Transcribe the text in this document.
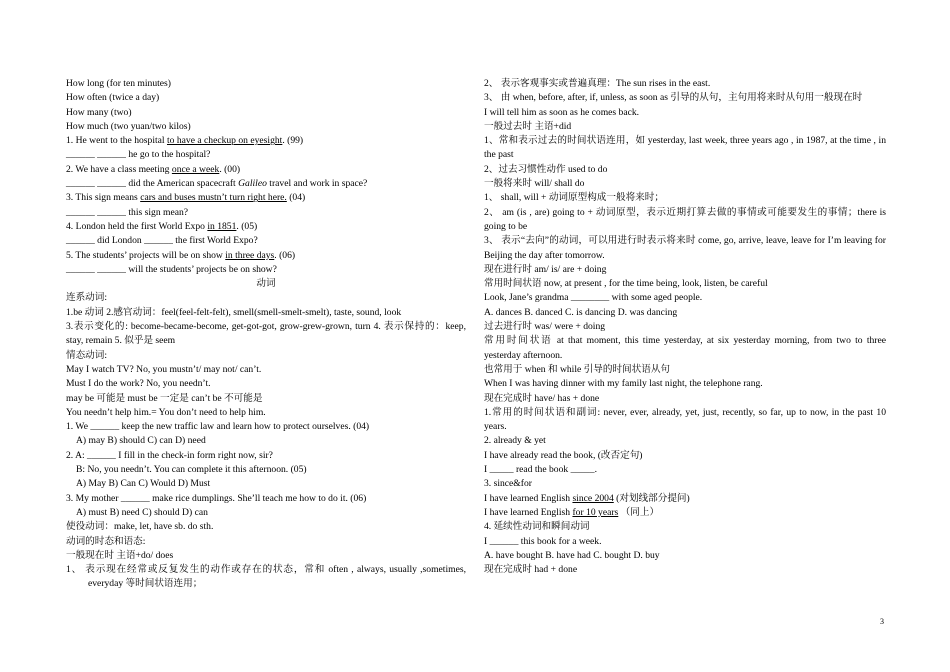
How long (for ten minutes)
How often (twice a day)
How many (two)
How much (two yuan/two kilos)
1. He went to the hospital to have a checkup on eyesight. (99)
______ ______ he go to the hospital?
2. We have a class meeting once a week. (00)
______ ______ did the American spacecraft Galileo travel and work in space?
3. This sign means cars and buses mustn’t turn right here. (04)
______ ______ this sign mean?
4. London held the first World Expo in 1851. (05)
______ did London ______ the first World Expo?
5. The students’ projects will be on show in three days. (06)
______ ______ will the students’ projects be on show?
动词
连系动词:
1.be 动词 2.感官动词：feel(feel-felt-felt), smell(smell-smelt-smelt), taste, sound, look
3.表示变化的: become-became-become, get-got-got, grow-grew-grown, turn 4. 表示保持的：keep, stay, remain 5. 似乎是 seem
情态动词:
May I watch TV? No, you mustn’t/ may not/ can’t.
Must I do the work? No, you needn’t.
may be 可能是 must be 一定是 can’t be 不可能是
You needn’t help him.= You don’t need to help him.
1. We ______ keep the new traffic law and learn how to protect ourselves. (04)
A) may B) should C) can D) need
2. A: ______ I fill in the check-in form right now, sir?
B: No, you needn’t. You can complete it this afternoon. (05)
A) May B) Can C) Would D) Must
3. My mother ______ make rice dumplings. She’ll teach me how to do it. (06)
A) must B) need C) should D) can
使役动词：make, let, have sb. do sth.
动词的时态和语态:
一般现在时 主语+do/ does
1、 表示现在经常或反复发生的动作或存在的状态，常和 often , always, usually ,sometimes, everyday 等时间状语连用；
2、 表示客观事实或普遍真理：The sun rises in the east.
3、 由 when, before, after, if, unless, as soon as 引导的从句，主句用将来时从句用一般现在时
I will tell him as soon as he comes back.
一般过去时 主语+did
1、常和表示过去的时间状语连用，如 yesterday, last week, three years ago , in 1987, at the time , in the past
2、过去习惯性动作 used to do
一般将来时 will/ shall do
1、 shall, will + 动词原型构成一般将来时；
2、 am (is , are) going to + 动词原型，表示近期打算去做的事情或可能要发生的事情；there is going to be
3、 表示“去向”的动词，可以用进行时表示将来时 come, go, arrive, leave, leave for I’m leaving for Beijing the day after tomorrow.
现在进行时 am/ is/ are + doing
常用时间状语 now, at present , for the time being, look, listen, be careful
Look, Jane’s grandma ________ with some aged people.
A. dances B. danced C. is dancing D. was dancing
过去进行时 was/ were + doing
常用时间状语 at that moment, this time yesterday, at six yesterday morning, from two to three yesterday afternoon.
也常用于 when 和 while 引导的时间状语从句
When I was having dinner with my family last night, the telephone rang.
现在完成时 have/ has + done
1.常用的时间状语和副词: never, ever, already, yet, just, recently, so far, up to now, in the past 10 years.
2. already & yet
I have already read the book, (改否定句)
I _____ read the book _____.
3. since&for
I have learned English since 2004 (对划线部分提问)
I have learned English for 10 years （同上）
4. 延续性动词和瞬间动词
I ______ this book for a week.
A. have bought B. have had C. bought D. buy
现在完成时 had + done
3
